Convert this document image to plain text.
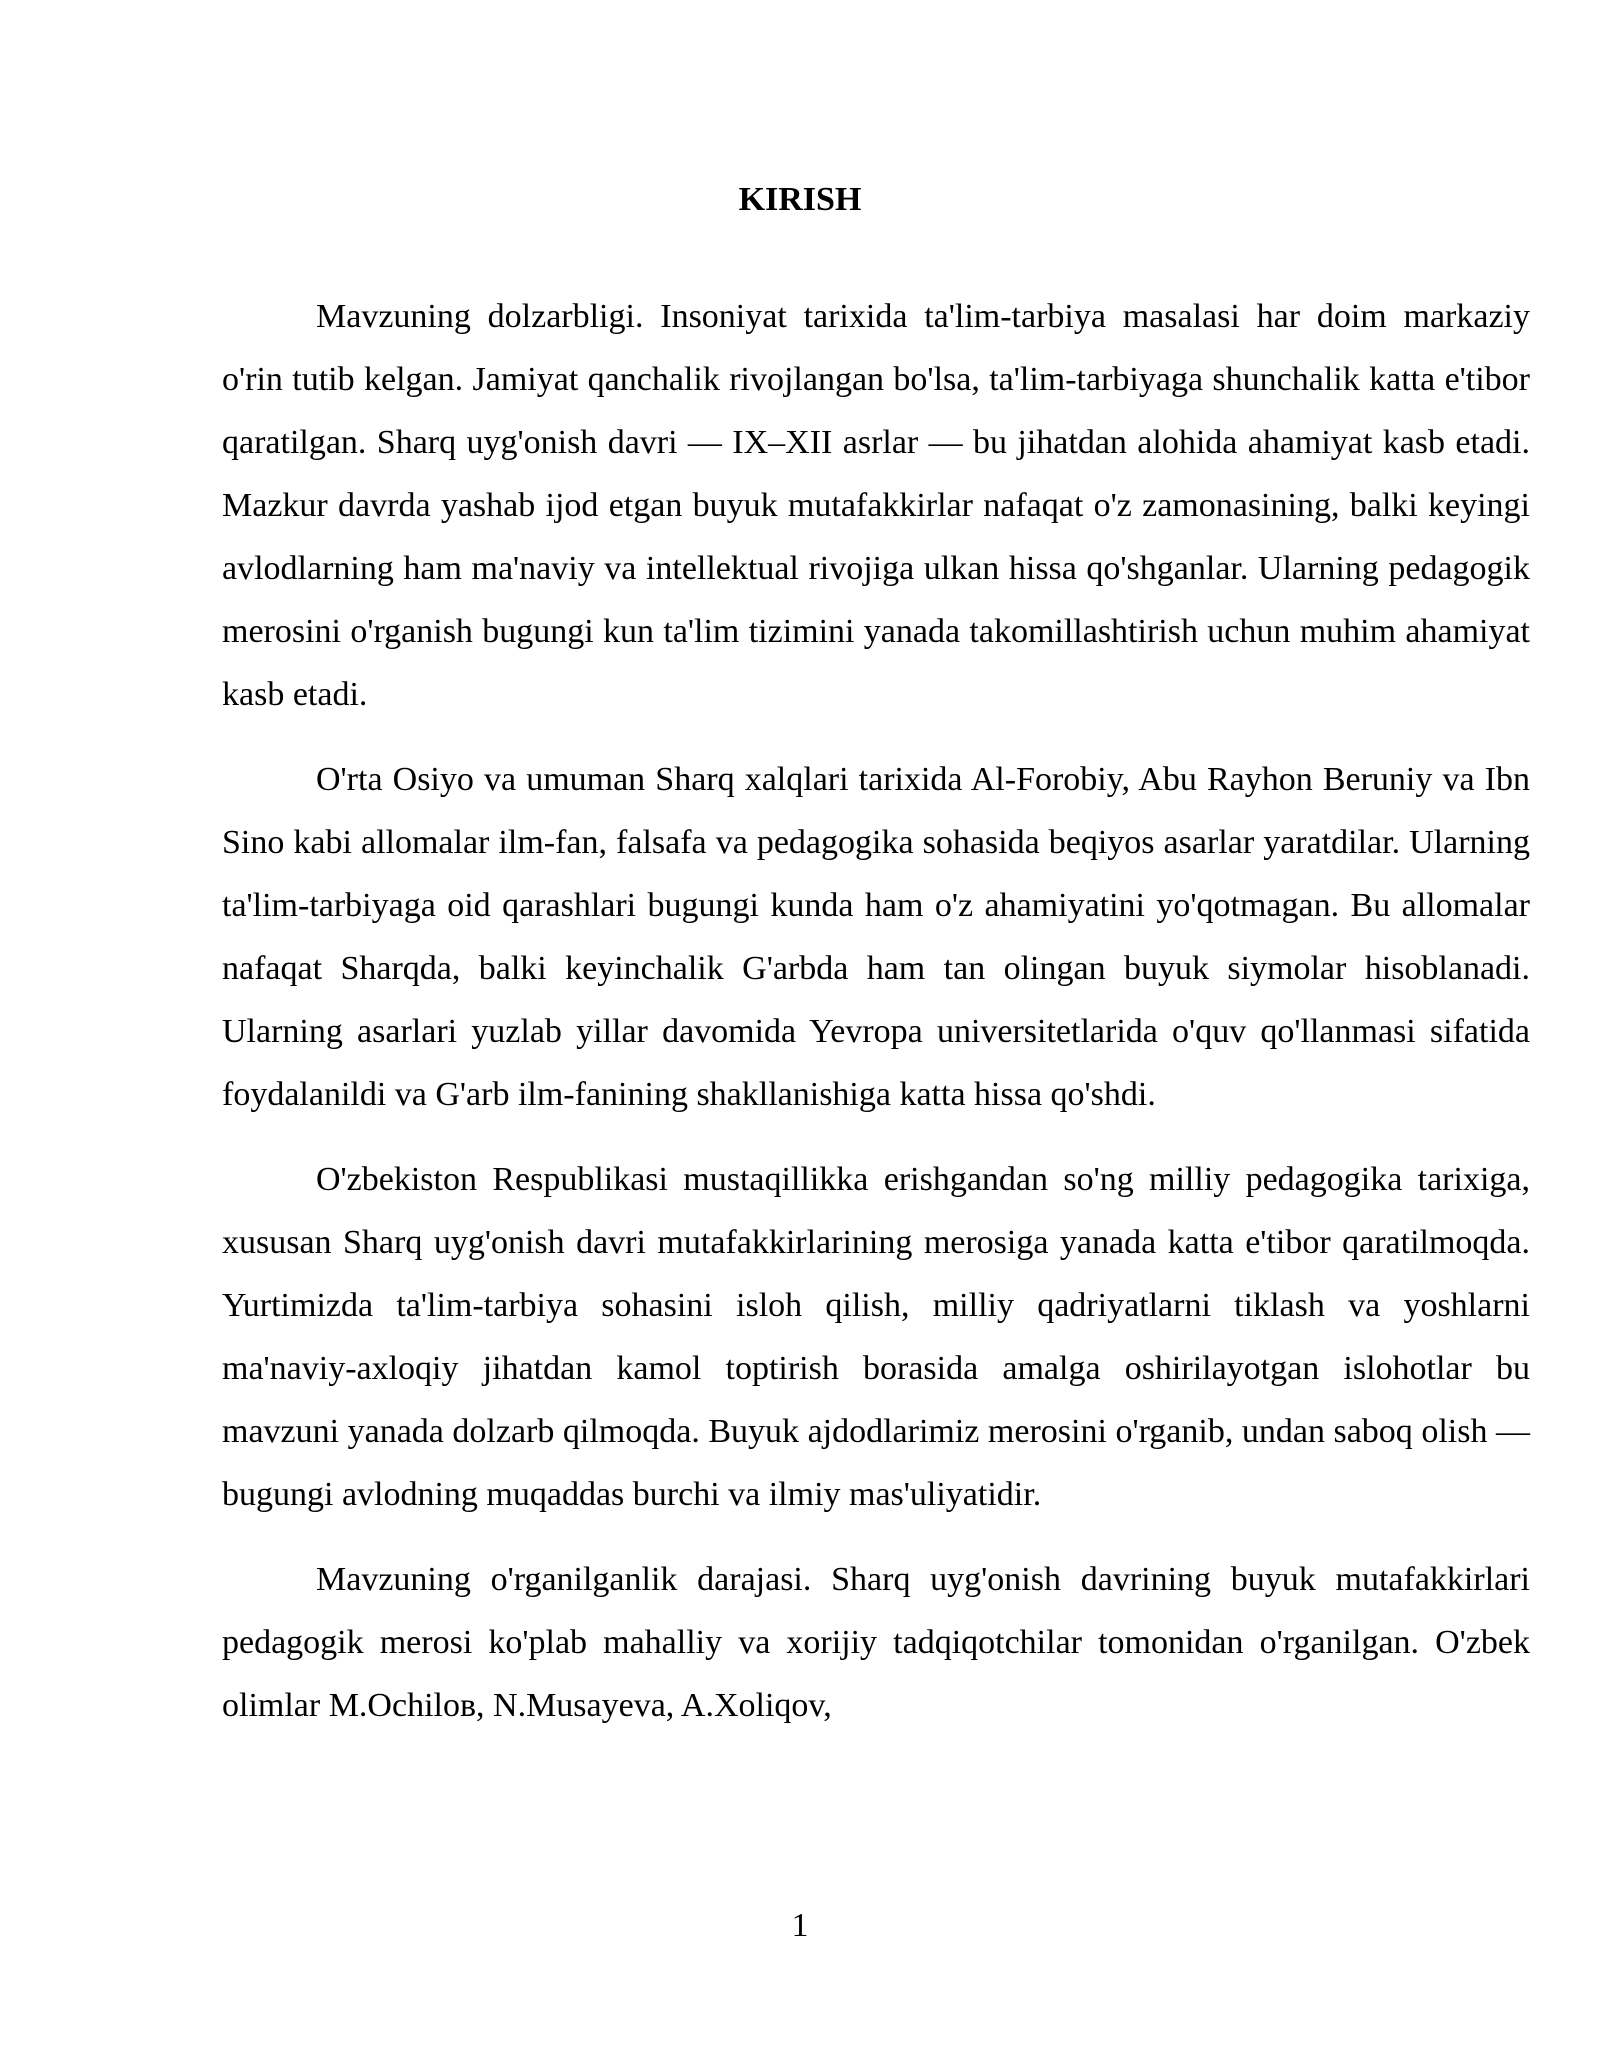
KIRISH

Mavzuning dolzarbligi. Insoniyat tarixida ta'lim-tarbiya masalasi har doim markaziy o'rin tutib kelgan. Jamiyat qanchalik rivojlangan bo'lsa, ta'lim-tarbiyaga shunchalik katta e'tibor qaratilgan. Sharq uyg'onish davri — IX–XII asrlar — bu jihatdan alohida ahamiyat kasb etadi. Mazkur davrda yashab ijod etgan buyuk mutafakkirlar nafaqat o'z zamonasining, balki keyingi avlodlarning ham ma'naviy va intellektual rivojiga ulkan hissa qo'shganlar. Ularning pedagogik merosini o'rganish bugungi kun ta'lim tizimini yanada takomillashtirish uchun muhim ahamiyat kasb etadi.

O'rta Osiyo va umuman Sharq xalqlari tarixida Al-Forobiy, Abu Rayhon Beruniy va Ibn Sino kabi allomalar ilm-fan, falsafa va pedagogika sohasida beqiyos asarlar yaratdilar. Ularning ta'lim-tarbiyaga oid qarashlari bugungi kunda ham o'z ahamiyatini yo'qotmagan. Bu allomalar nafaqat Sharqda, balki keyinchalik G'arbda ham tan olingan buyuk siymolar hisoblanadi. Ularning asarlari yuzlab yillar davomida Yevropa universitetlarida o'quv qo'llanmasi sifatida foydalanildi va G'arb ilm-fanining shakllanishiga katta hissa qo'shdi.

O'zbekiston Respublikasi mustaqillikka erishgandan so'ng milliy pedagogika tarixiga, xususan Sharq uyg'onish davri mutafakkirlarining merosiga yanada katta e'tibor qaratilmoqda. Yurtimizda ta'lim-tarbiya sohasini isloh qilish, milliy qadriyatlarni tiklash va yoshlarni ma'naviy-axloqiy jihatdan kamol toptirish borasida amalga oshirilayotgan islohotlar bu mavzuni yanada dolzarb qilmoqda. Buyuk ajdodlarimiz merosini o'rganib, undan saboq olish — bugungi avlodning muqaddas burchi va ilmiy mas'uliyatidir.

Mavzuning o'rganilganlik darajasi. Sharq uyg'onish davrining buyuk mutafakkirlari pedagogik merosi ko'plab mahalliy va xorijiy tadqiqotchilar tomonidan o'rganilgan. O'zbek olimlar M.Ochilов, N.Musayeva, A.Xoliqov,

1
